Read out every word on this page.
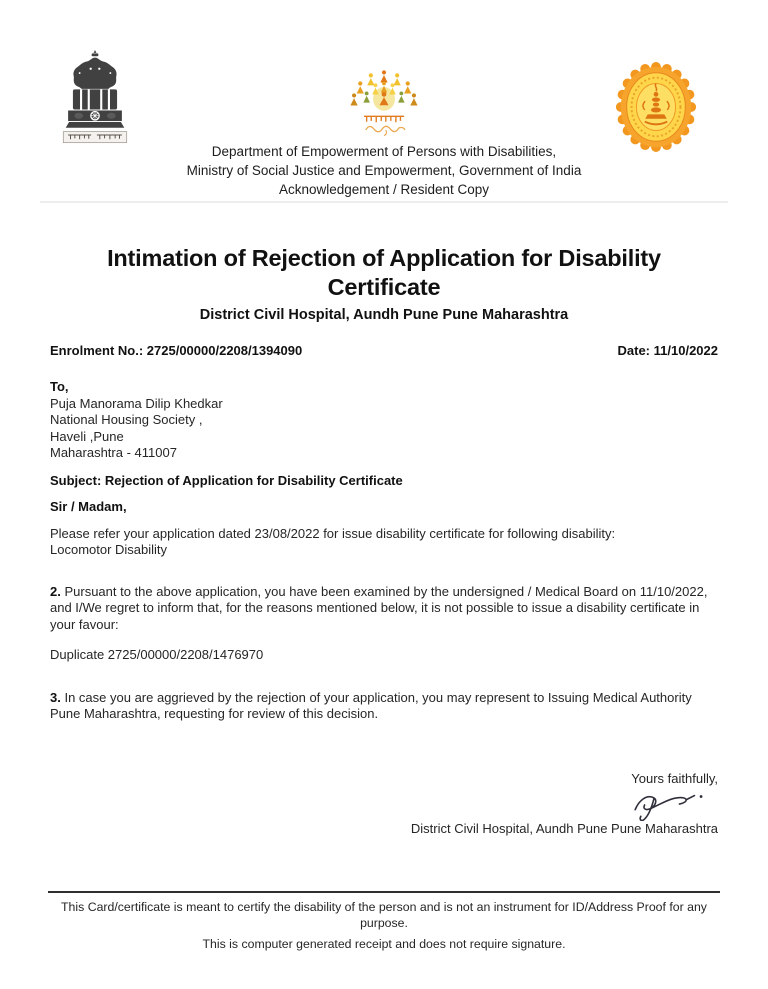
Department of Empowerment of Persons with Disabilities,
Ministry of Social Justice and Empowerment, Government of India
Acknowledgement / Resident Copy
Intimation of Rejection of Application for Disability Certificate
District Civil Hospital, Aundh Pune Pune Maharashtra
Enrolment No.: 2725/00000/2208/1394090	Date: 11/10/2022
To,
Puja Manorama Dilip Khedkar
National Housing Society ,
Haveli ,Pune
Maharashtra - 411007
Subject: Rejection of Application for Disability Certificate
Sir / Madam,
Please refer your application dated 23/08/2022 for issue disability certificate for following disability:
Locomotor Disability
2. Pursuant to the above application, you have been examined by the undersigned / Medical Board on 11/10/2022, and I/We regret to inform that, for the reasons mentioned below, it is not possible to issue a disability certificate in your favour:
Duplicate 2725/00000/2208/1476970
3. In case you are aggrieved by the rejection of your application, you may represent to Issuing Medical Authority Pune Maharashtra, requesting for review of this decision.
Yours faithfully,
District Civil Hospital, Aundh Pune Pune Maharashtra
This Card/certificate is meant to certify the disability of the person and is not an instrument for ID/Address Proof for any purpose.
This is computer generated receipt and does not require signature.
